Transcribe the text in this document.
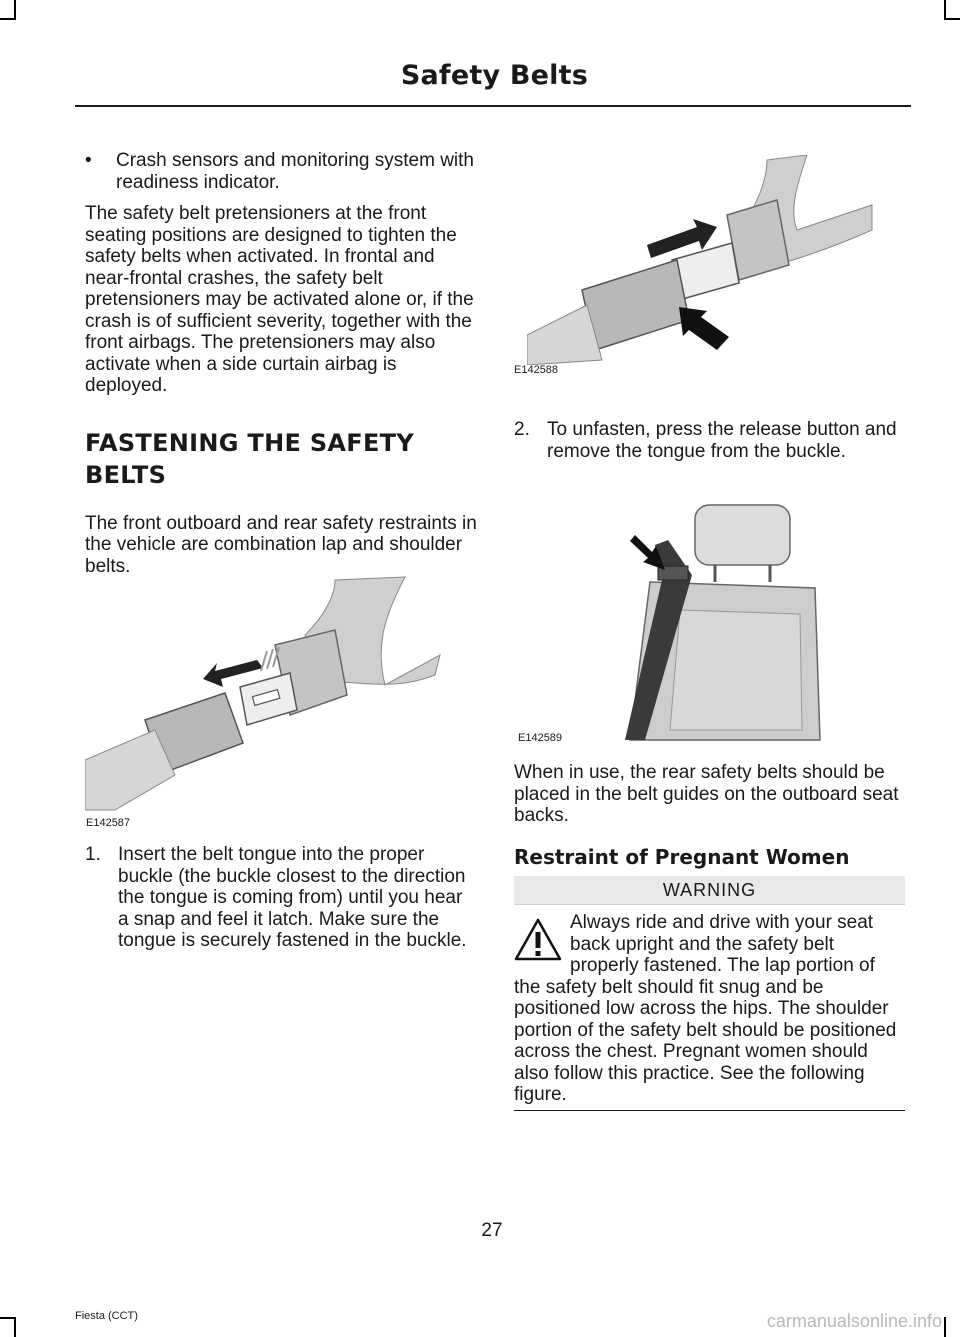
Safety Belts

• Crash sensors and monitoring system with readiness indicator.

The safety belt pretensioners at the front seating positions are designed to tighten the safety belts when activated. In frontal and near-frontal crashes, the safety belt pretensioners may be activated alone or, if the crash is of sufficient severity, together with the front airbags. The pretensioners may also activate when a side curtain airbag is deployed.

FASTENING THE SAFETY
BELTS

The front outboard and rear safety restraints in the vehicle are combination lap and shoulder belts.

E142587

1. Insert the belt tongue into the proper buckle (the buckle closest to the direction the tongue is coming from) until you hear a snap and feel it latch. Make sure the tongue is securely fastened in the buckle.

E142588

2. To unfasten, press the release button and remove the tongue from the buckle.

E142589

When in use, the rear safety belts should be placed in the belt guides on the outboard seat backs.

Restraint of Pregnant Women

WARNING
Always ride and drive with your seat back upright and the safety belt properly fastened. The lap portion of the safety belt should fit snug and be positioned low across the hips. The shoulder portion of the safety belt should be positioned across the chest. Pregnant women should also follow this practice. See the following figure.
27
Fiesta (CCT)	carmanualsonline.info
